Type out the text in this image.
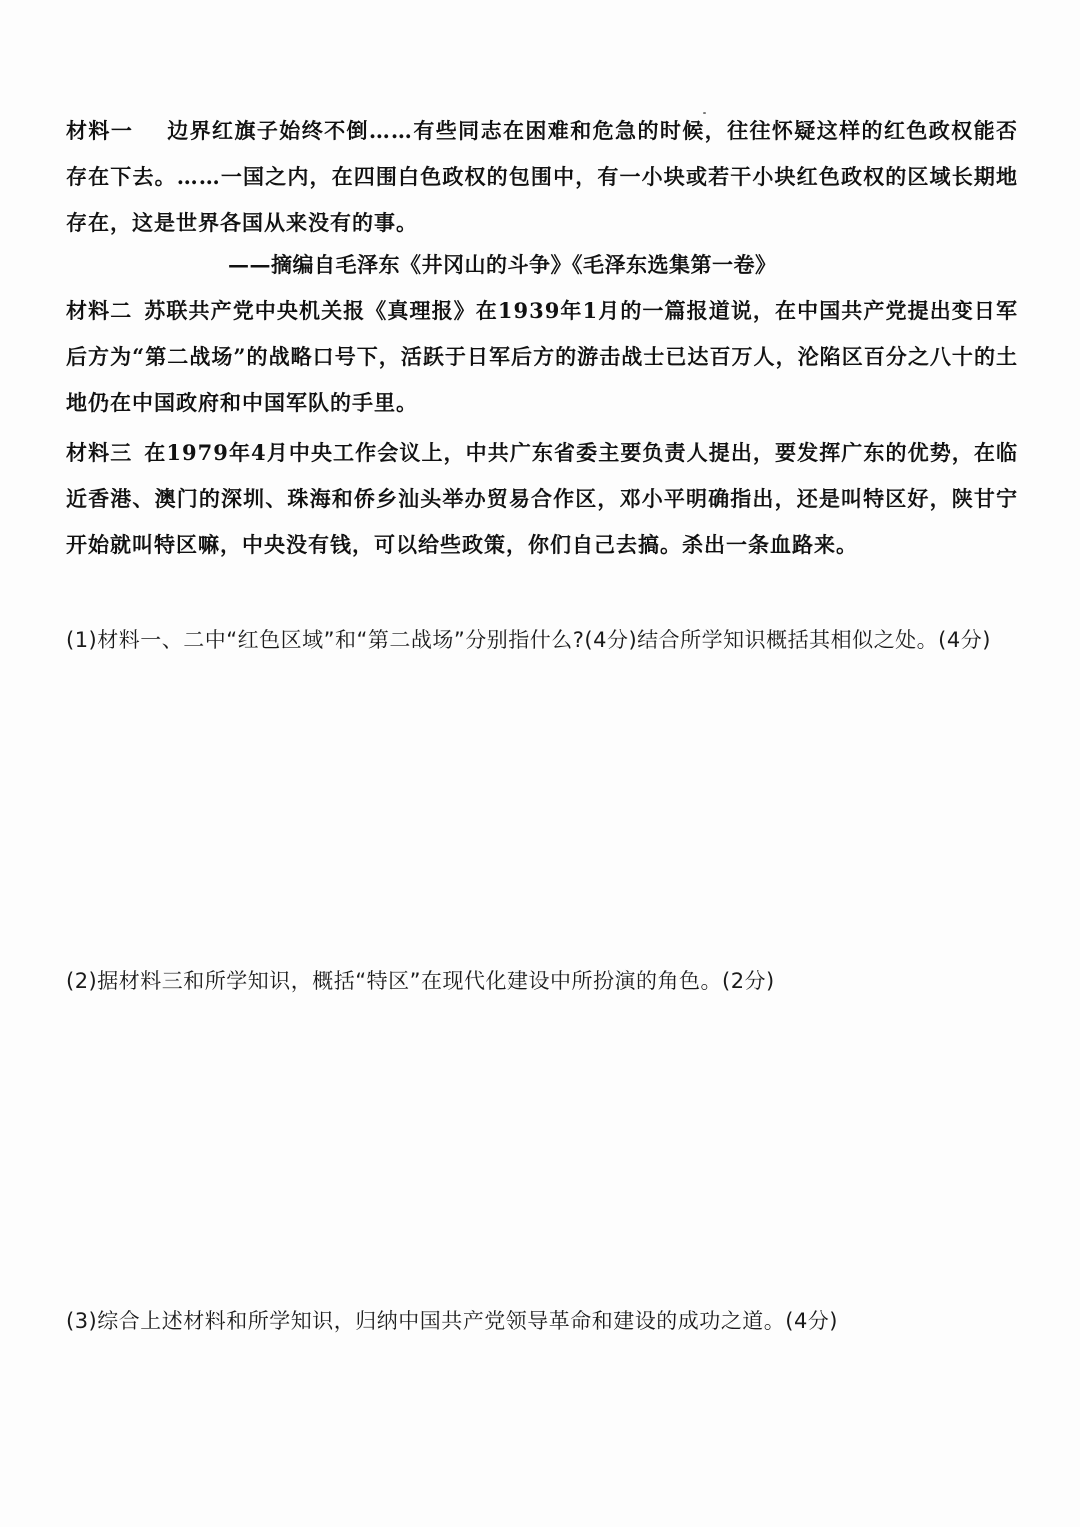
材料一 边界红旗子始终不倒……有些同志在困难和危急的时候，往往怀疑这样的红色政权能否存在下去。……一国之内，在四围白色政权的包围中，有一小块或若干小块红色政权的区域长期地存在，这是世界各国从来没有的事。

——摘编自毛泽东《井冈山的斗争》《毛泽东选集第一卷》

材料二 苏联共产党中央机关报《真理报》在1939年1月的一篇报道说，在中国共产党提出变日军后方为“第二战场”的战略口号下，活跃于日军后方的游击战士已达百万人，沦陷区百分之八十的土地仍在中国政府和中国军队的手里。

材料三 在1979年4月中央工作会议上，中共广东省委主要负责人提出，要发挥广东的优势，在临近香港、澳门的深圳、珠海和侨乡汕头举办贸易合作区，邓小平明确指出，还是叫特区好，陕甘宁开始就叫特区嘛，中央没有钱，可以给些政策，你们自己去搞。杀出一条血路来。

(1)材料一、二中“红色区域”和“第二战场”分别指什么?(4分)结合所学知识概括其相似之处。(4分)

(2)据材料三和所学知识，概括“特区”在现代化建设中所扮演的角色。(2分)

(3)综合上述材料和所学知识，归纳中国共产党领导革命和建设的成功之道。(4分)
